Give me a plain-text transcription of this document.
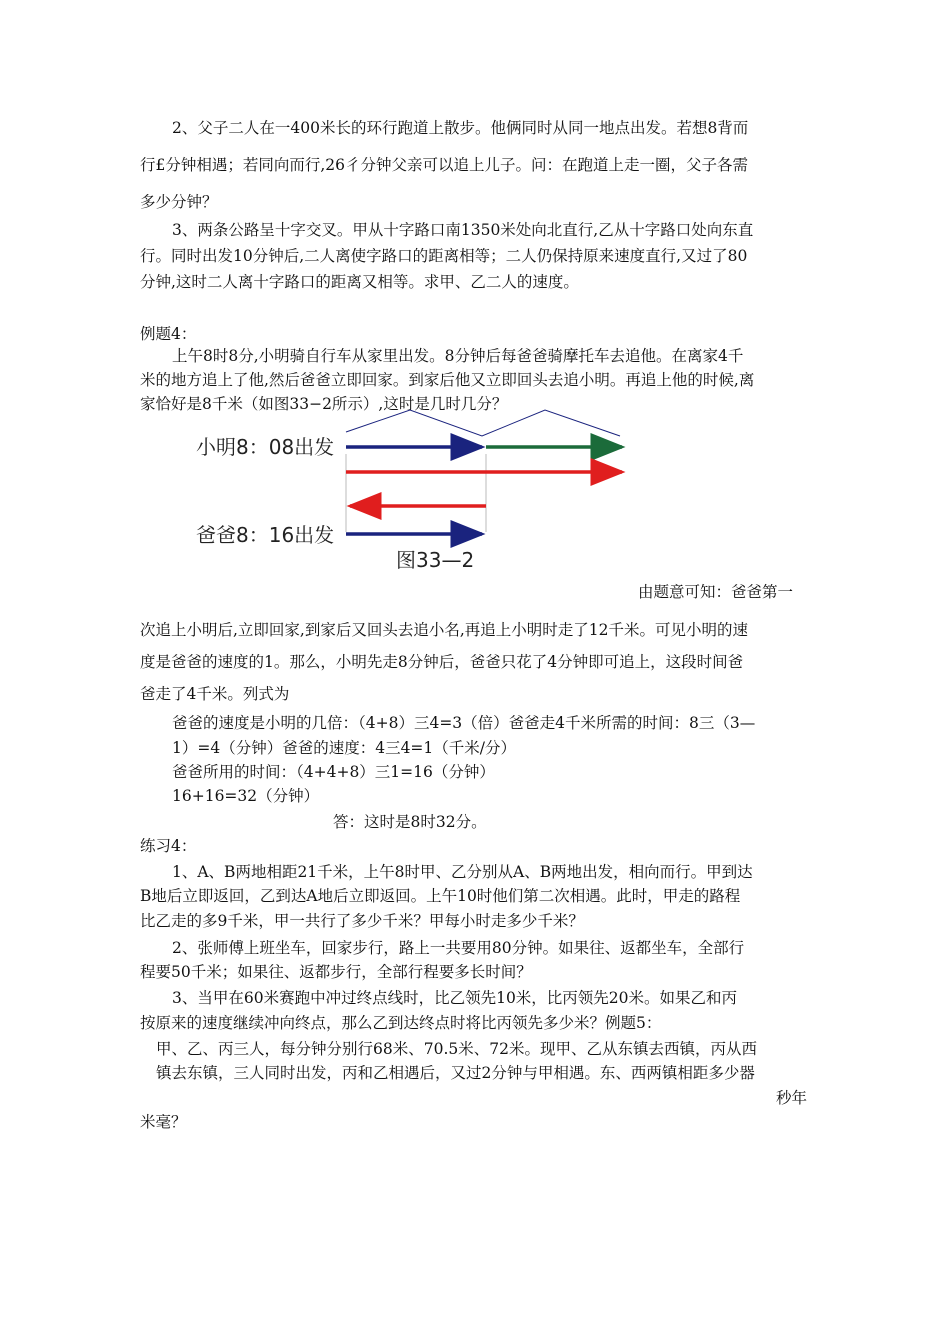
2、父子二人在一400米长的环行跑道上散步。他俩同时从同一地点出发。若想8背而
行£分钟相遇；若同向而行,26彳分钟父亲可以追上儿子。问：在跑道上走一圈，父子各需
多少分钟？
3、两条公路呈十字交叉。甲从十字路口南1350米处向北直行,乙从十字路口处向东直
行。同时出发10分钟后,二人离使字路口的距离相等；二人仍保持原来速度直行,又过了80
分钟,这时二人离十字路口的距离又相等。求甲、乙二人的速度。
例题4：
上午8时8分,小明骑自行车从家里出发。8分钟后每爸爸骑摩托车去追他。在离家4千
米的地方追上了他,然后爸爸立即回家。到家后他又立即回头去追小明。再追上他的时候,离
家恰好是8千米（如图33−2所示）,这时是几时几分？
小明8：08出发
爸爸8：16出发
图33—2
由题意可知：爸爸第一
次追上小明后,立即回家,到家后又回头去追小名,再追上小明时走了12千米。可见小明的速
度是爸爸的速度的1。那么，小明先走8分钟后，爸爸只花了4分钟即可追上，这段时间爸
爸走了4千米。列式为
爸爸的速度是小明的几倍：（4+8）三4=3（倍）爸爸走4千米所需的时间：8三（3—
1）=4（分钟）爸爸的速度：4三4=1（千米/分）
爸爸所用的时间：（4+4+8）三1=16（分钟）
16+16=32（分钟）
答：这时是8时32分。
练习4：
1、A、B两地相距21千米，上午8时甲、乙分别从A、B两地出发，相向而行。甲到达
B地后立即返回，乙到达A地后立即返回。上午10时他们第二次相遇。此时，甲走的路程
比乙走的多9千米，甲一共行了多少千米？甲每小时走多少千米？
2、张师傅上班坐车，回家步行，路上一共要用80分钟。如果往、返都坐车，全部行
程要50千米；如果往、返都步行，全部行程要多长时间？
3、当甲在60米赛跑中冲过终点线时，比乙领先10米，比丙领先20米。如果乙和丙
按原来的速度继续冲向终点，那么乙到达终点时将比丙领先多少米？例题5：
甲、乙、丙三人，每分钟分别行68米、70.5米、72米。现甲、乙从东镇去西镇，丙从西
镇去东镇，三人同时出发，丙和乙相遇后，又过2分钟与甲相遇。东、西两镇相距多少器
秒年
米毫？
